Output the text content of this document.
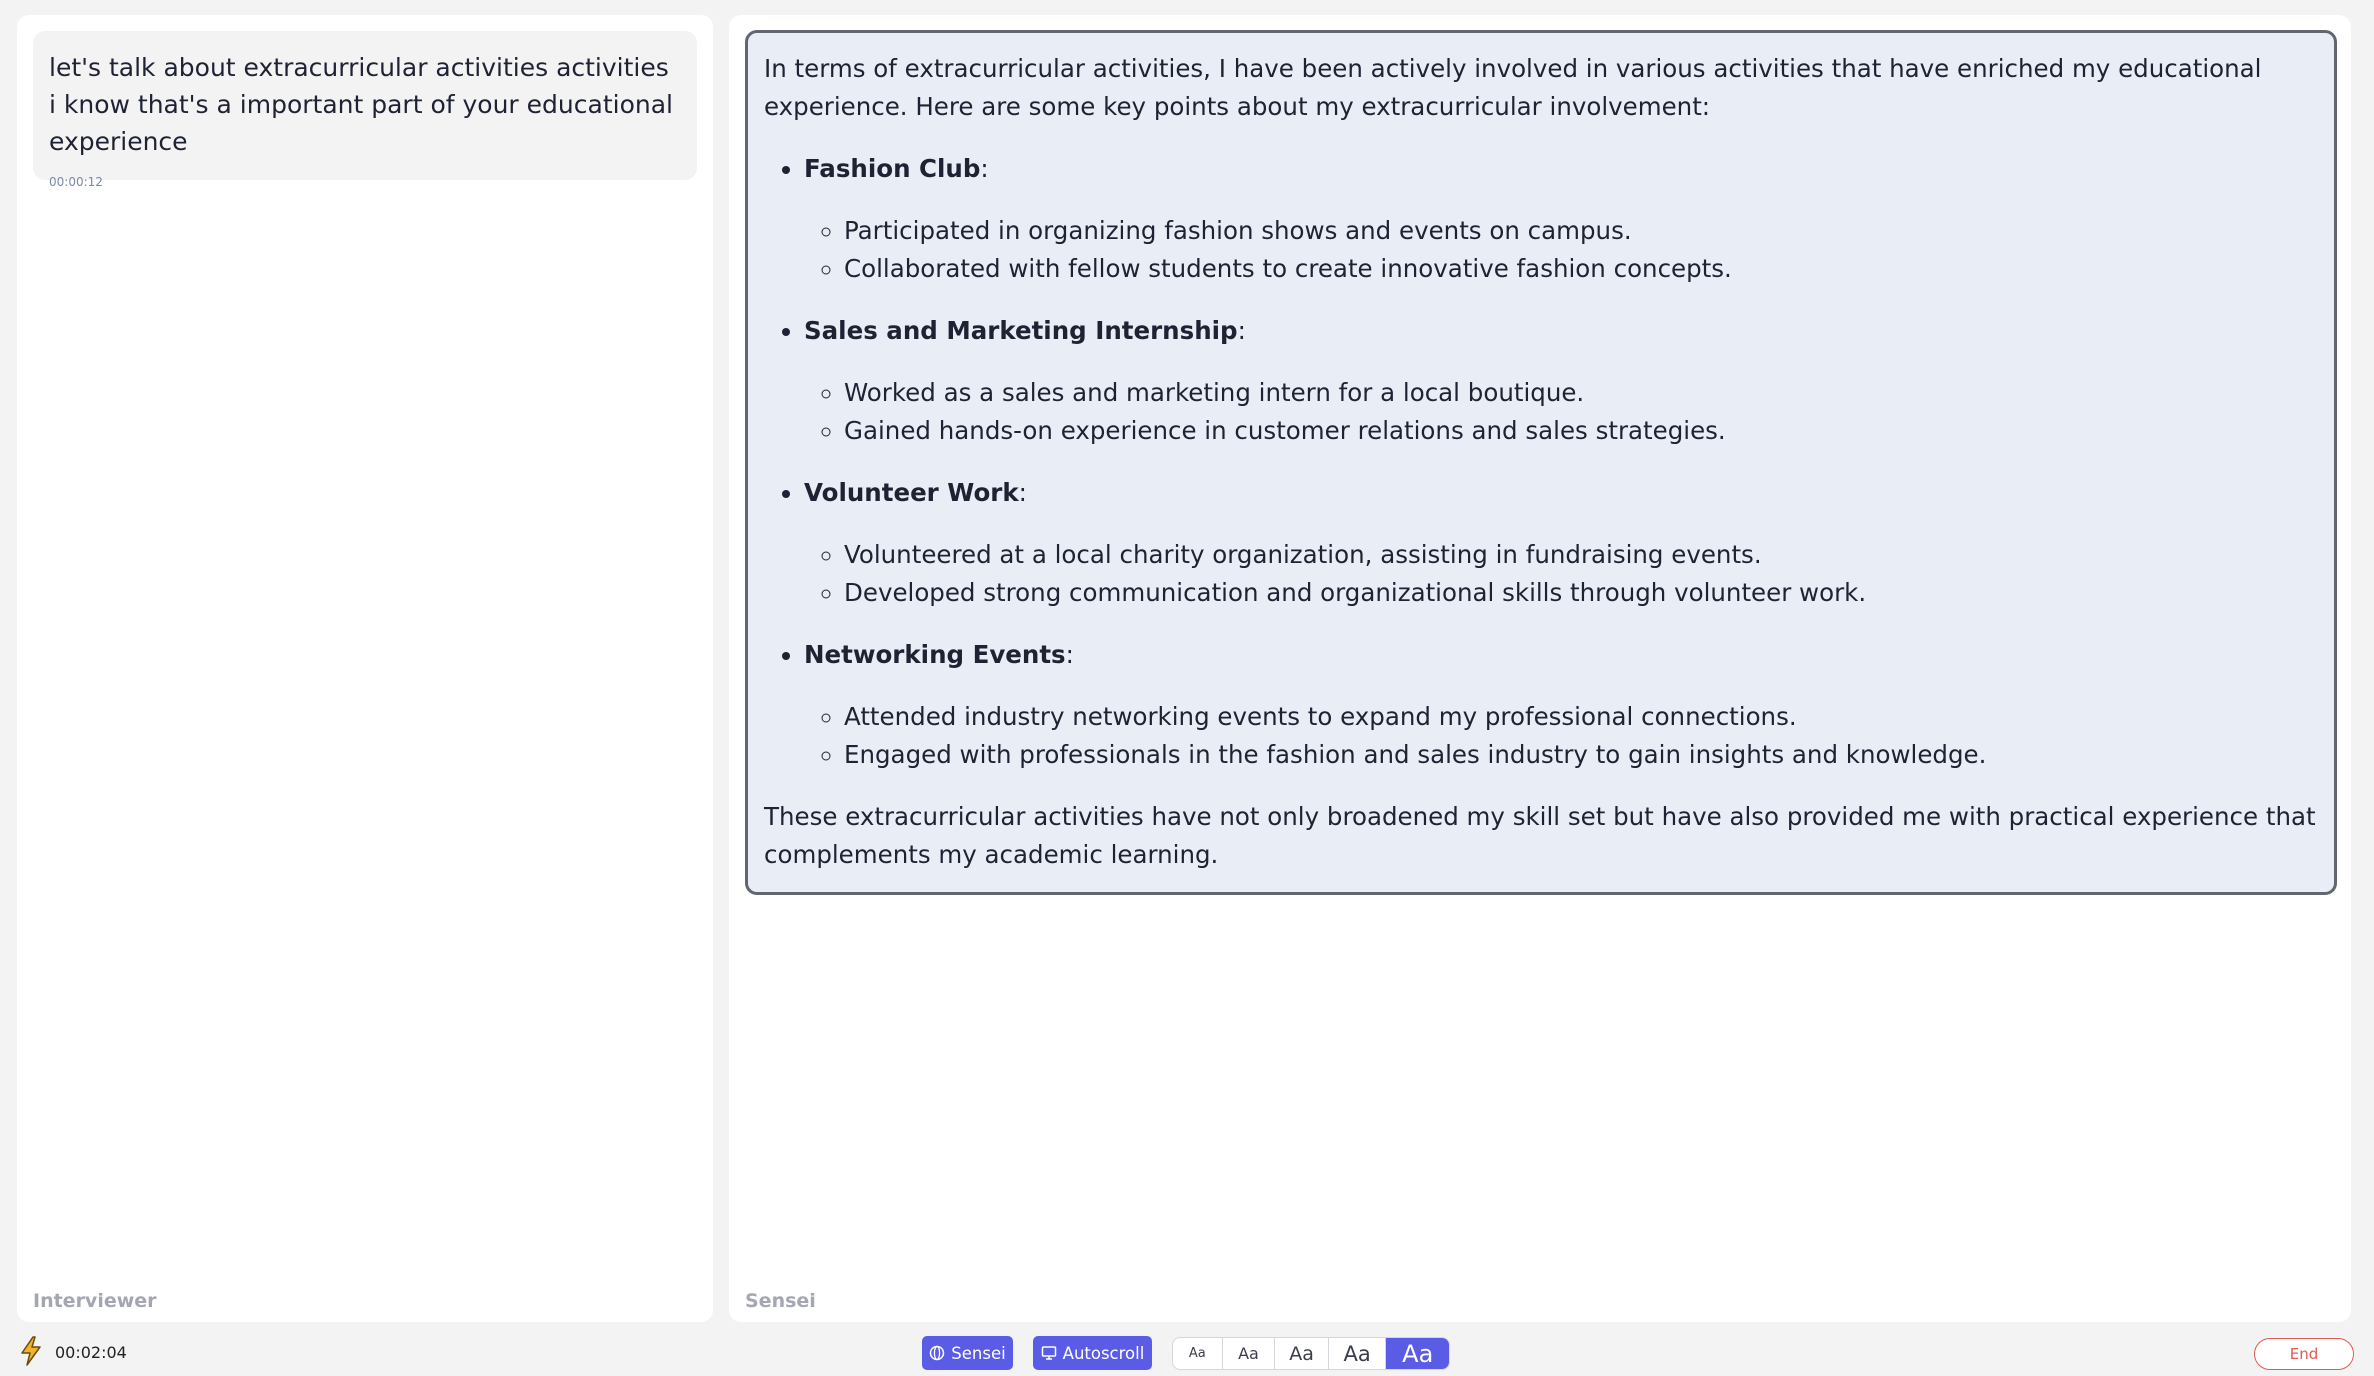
let's talk about extracurricular activities activities i know that's a important part of your educational experience
00:00:12
Interviewer

In terms of extracurricular activities, I have been actively involved in various activities that have enriched my educational experience. Here are some key points about my extracurricular involvement:

• Fashion Club:
◦ Participated in organizing fashion shows and events on campus.
◦ Collaborated with fellow students to create innovative fashion concepts.
• Sales and Marketing Internship:
◦ Worked as a sales and marketing intern for a local boutique.
◦ Gained hands-on experience in customer relations and sales strategies.
• Volunteer Work:
◦ Volunteered at a local charity organization, assisting in fundraising events.
◦ Developed strong communication and organizational skills through volunteer work.
• Networking Events:
◦ Attended industry networking events to expand my professional connections.
◦ Engaged with professionals in the fashion and sales industry to gain insights and knowledge.

These extracurricular activities have not only broadened my skill set but have also provided me with practical experience that complements my academic learning.

Sensei
00:02:04	Sensei	Autoscroll	Aa	Aa	Aa	Aa	Aa	End
